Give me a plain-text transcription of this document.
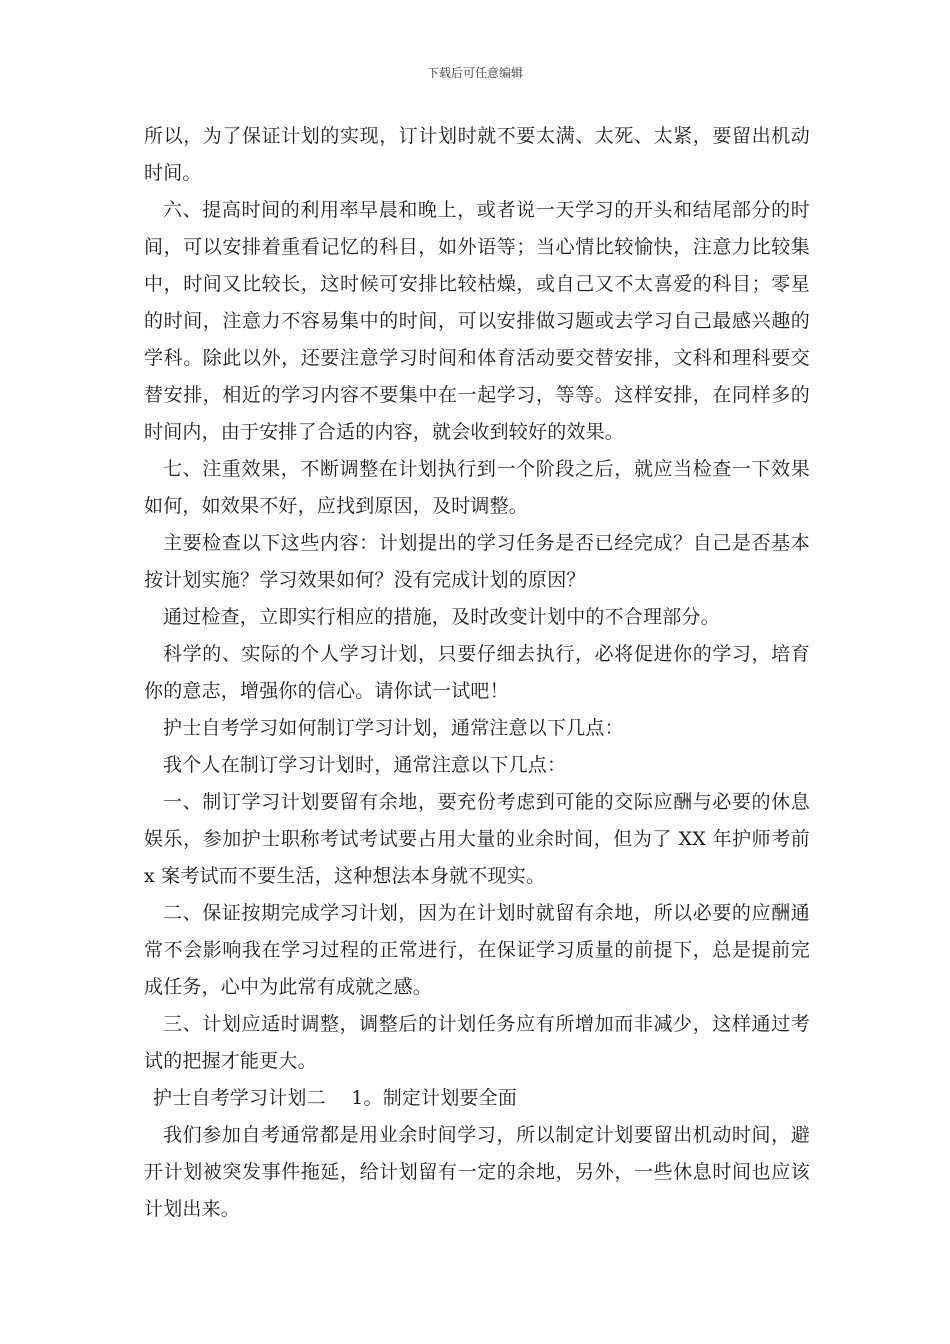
下载后可任意编辑

所以，为了保证计划的实现，订计划时就不要太满、太死、太紧，要留出机动时间。

六、提高时间的利用率早晨和晚上，或者说一天学习的开头和结尾部分的时间，可以安排着重看记忆的科目，如外语等；当心情比较愉快，注意力比较集中，时间又比较长，这时候可安排比较枯燥，或自己又不太喜爱的科目；零星的时间，注意力不容易集中的时间，可以安排做习题或去学习自己最感兴趣的学科。除此以外，还要注意学习时间和体育活动要交替安排，文科和理科要交替安排，相近的学习内容不要集中在一起学习，等等。这样安排，在同样多的时间内，由于安排了合适的内容，就会收到较好的效果。

七、注重效果，不断调整在计划执行到一个阶段之后，就应当检查一下效果如何，如效果不好，应找到原因，及时调整。

主要检查以下这些内容：计划提出的学习任务是否已经完成？自己是否基本按计划实施？学习效果如何？没有完成计划的原因？

通过检查，立即实行相应的措施，及时改变计划中的不合理部分。

科学的、实际的个人学习计划，只要仔细去执行，必将促进你的学习，培育你的意志，增强你的信心。请你试一试吧！

护士自考学习如何制订学习计划，通常注意以下几点：

我个人在制订学习计划时，通常注意以下几点：

一、制订学习计划要留有余地，要充份考虑到可能的交际应酬与必要的休息娱乐，参加护士职称考试考试要占用大量的业余时间，但为了 XX 年护师考前 x 案考试而不要生活，这种想法本身就不现实。

二、保证按期完成学习计划，因为在计划时就留有余地，所以必要的应酬通常不会影响我在学习过程的正常进行，在保证学习质量的前提下，总是提前完成任务，心中为此常有成就之感。

三、计划应适时调整，调整后的计划任务应有所增加而非减少，这样通过考试的把握才能更大。

护士自考学习计划二　 1。制定计划要全面

我们参加自考通常都是用业余时间学习，所以制定计划要留出机动时间，避开计划被突发事件拖延，给计划留有一定的余地，另外，一些休息时间也应该计划出来。
